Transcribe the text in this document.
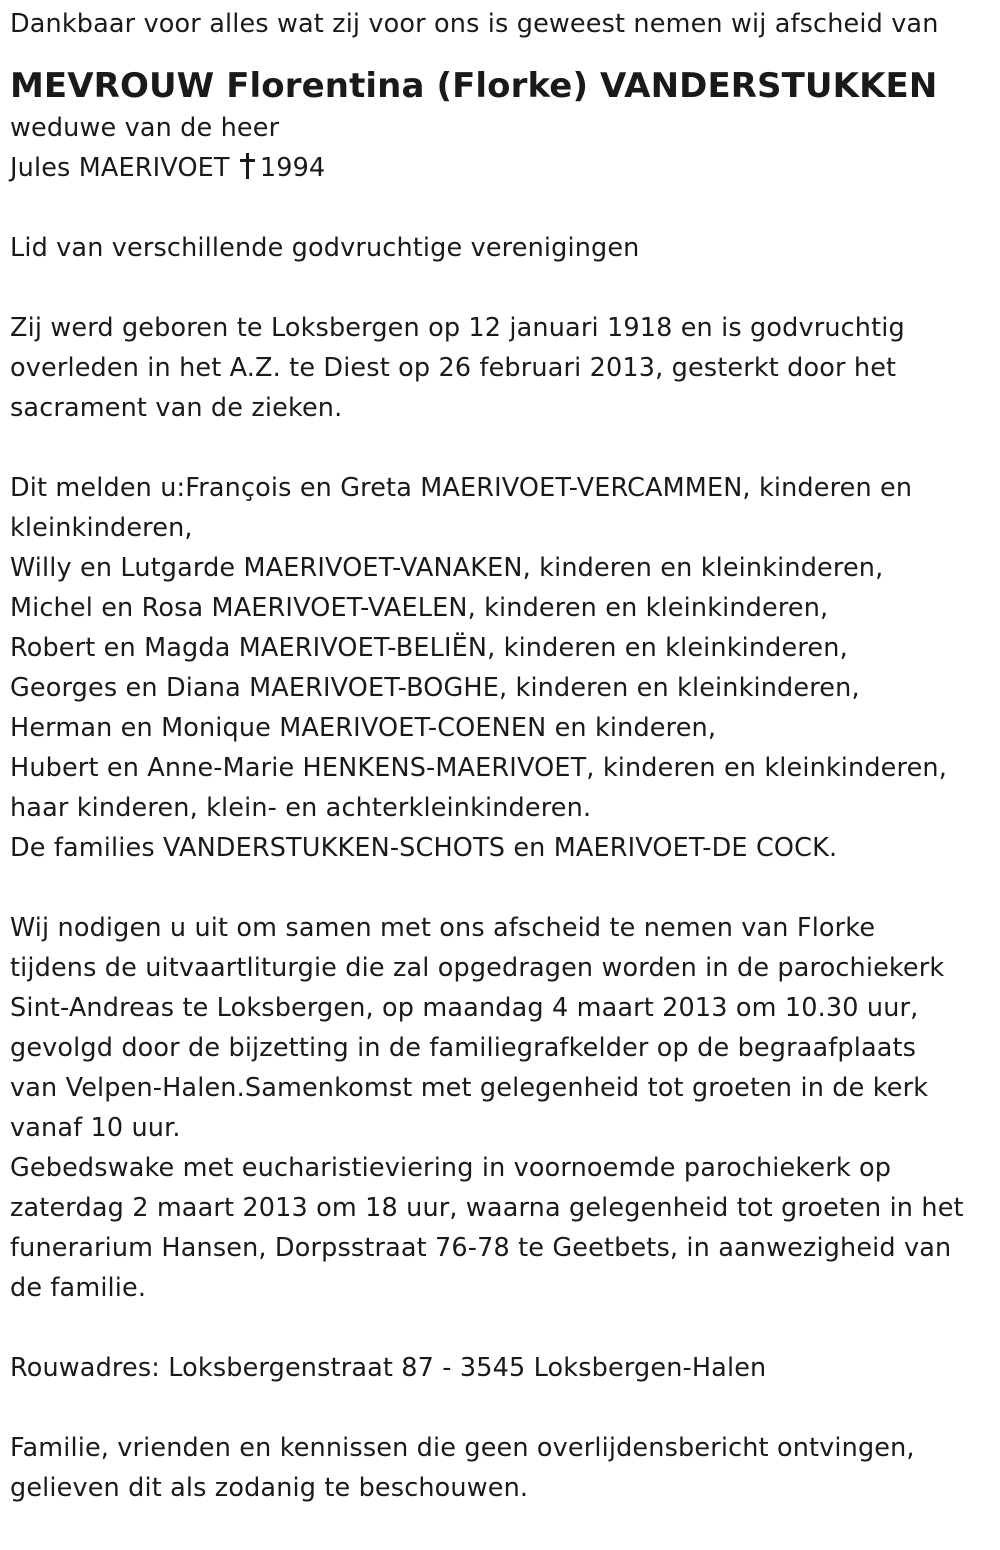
Dankbaar voor alles wat zij voor ons is geweest nemen wij afscheid van
MEVROUW Florentina (Florke) VANDERSTUKKEN
weduwe van de heer
Jules MAERIVOET 1994
Lid van verschillende godvruchtige verenigingen
Zij werd geboren te Loksbergen op 12 januari 1918 en is godvruchtig
overleden in het A.Z. te Diest op 26 februari 2013, gesterkt door het
sacrament van de zieken.
Dit melden u:François en Greta MAERIVOET-VERCAMMEN, kinderen en
kleinkinderen,
Willy en Lutgarde MAERIVOET-VANAKEN, kinderen en kleinkinderen,
Michel en Rosa MAERIVOET-VAELEN, kinderen en kleinkinderen,
Robert en Magda MAERIVOET-BELIËN, kinderen en kleinkinderen,
Georges en Diana MAERIVOET-BOGHE, kinderen en kleinkinderen,
Herman en Monique MAERIVOET-COENEN en kinderen,
Hubert en Anne-Marie HENKENS-MAERIVOET, kinderen en kleinkinderen,
haar kinderen, klein- en achterkleinkinderen.
De families VANDERSTUKKEN-SCHOTS en MAERIVOET-DE COCK.
Wij nodigen u uit om samen met ons afscheid te nemen van Florke
tijdens de uitvaartliturgie die zal opgedragen worden in de parochiekerk
Sint-Andreas te Loksbergen, op maandag 4 maart 2013 om 10.30 uur,
gevolgd door de bijzetting in de familiegrafkelder op de begraafplaats
van Velpen-Halen.Samenkomst met gelegenheid tot groeten in de kerk
vanaf 10 uur.
Gebedswake met eucharistieviering in voornoemde parochiekerk op
zaterdag 2 maart 2013 om 18 uur, waarna gelegenheid tot groeten in het
funerarium Hansen, Dorpsstraat 76-78 te Geetbets, in aanwezigheid van
de familie.
Rouwadres: Loksbergenstraat 87 - 3545 Loksbergen-Halen
Familie, vrienden en kennissen die geen overlijdensbericht ontvingen,
gelieven dit als zodanig te beschouwen.
